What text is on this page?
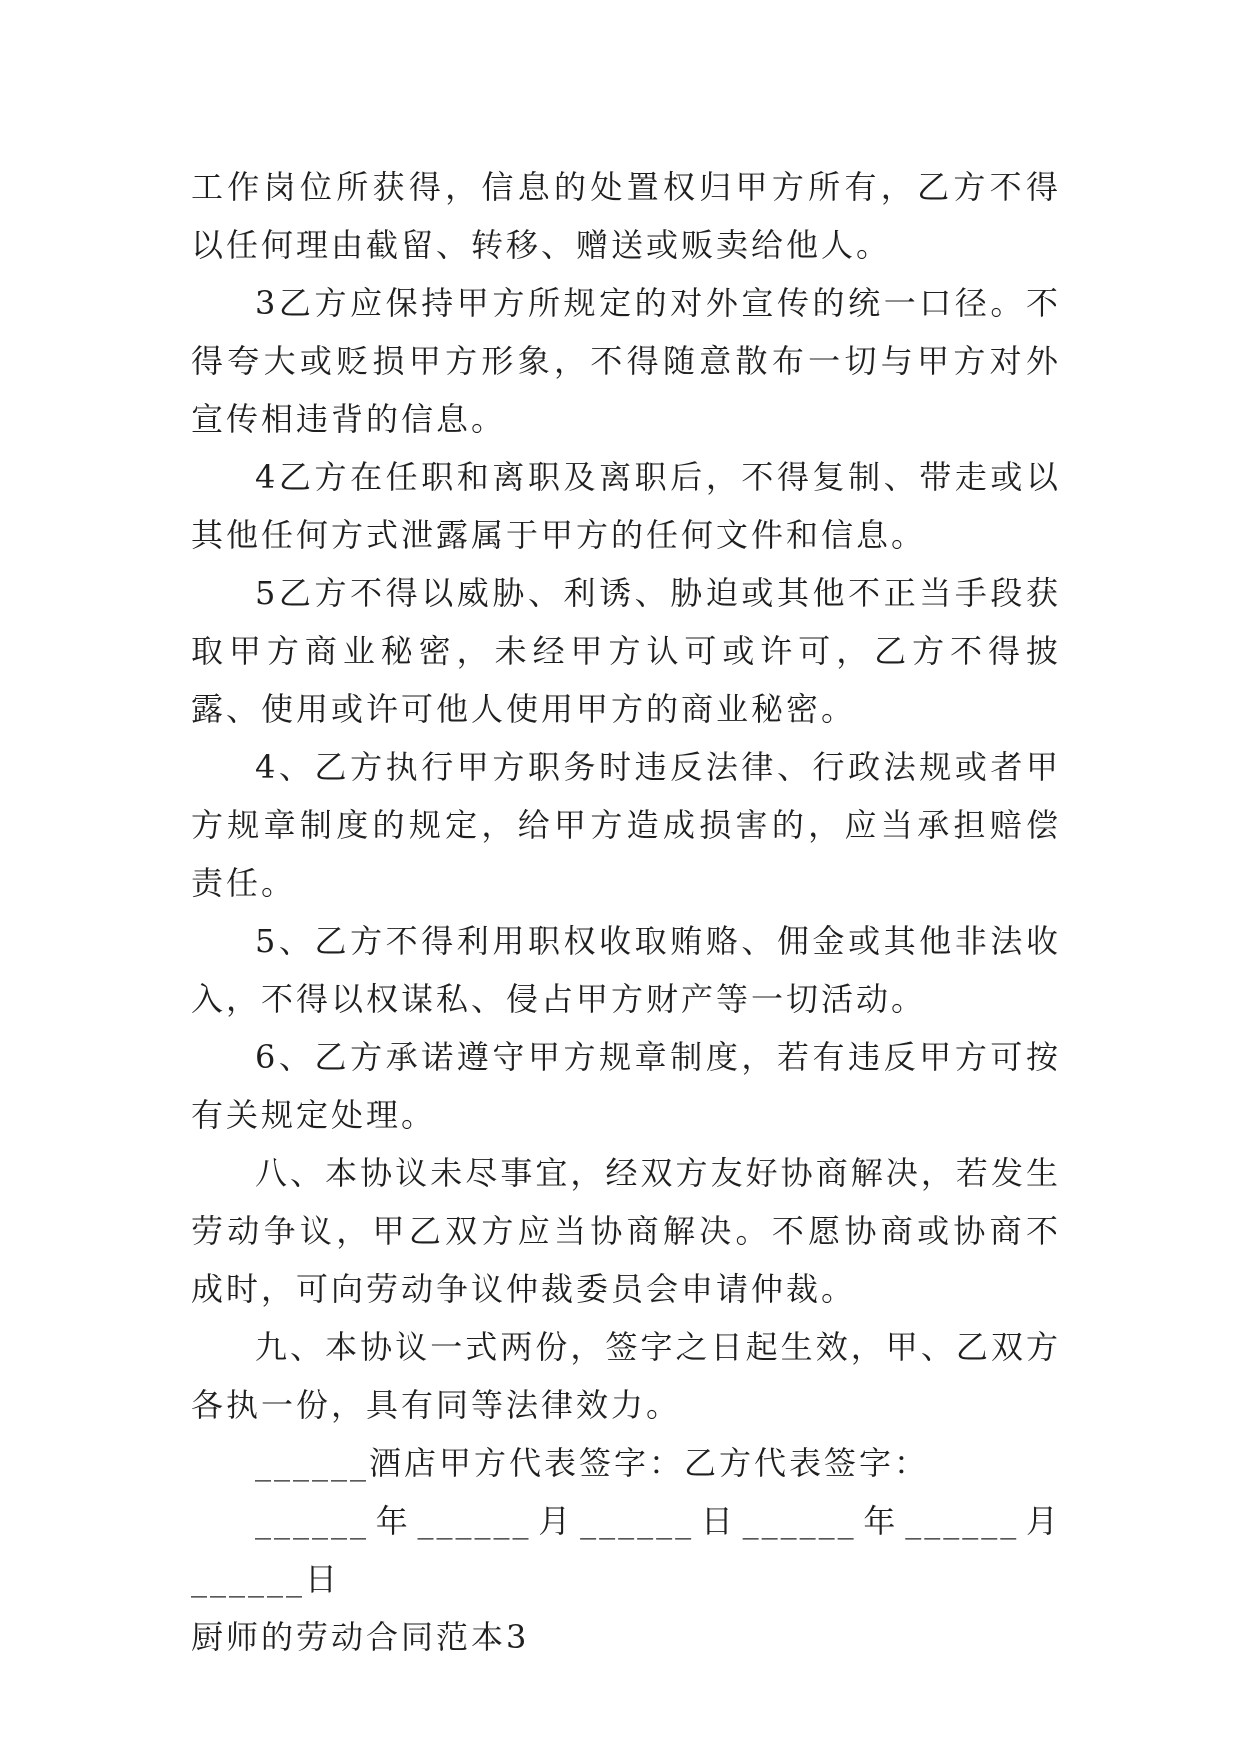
工作岗位所获得，信息的处置权归甲方所有，乙方不得以任何理由截留、转移、赠送或贩卖给他人。

3乙方应保持甲方所规定的对外宣传的统一口径。不得夸大或贬损甲方形象，不得随意散布一切与甲方对外宣传相违背的信息。

4乙方在任职和离职及离职后，不得复制、带走或以其他任何方式泄露属于甲方的任何文件和信息。

5乙方不得以威胁、利诱、胁迫或其他不正当手段获取甲方商业秘密，未经甲方认可或许可，乙方不得披露、使用或许可他人使用甲方的商业秘密。

4、乙方执行甲方职务时违反法律、行政法规或者甲方规章制度的规定，给甲方造成损害的，应当承担赔偿责任。

5、乙方不得利用职权收取贿赂、佣金或其他非法收入，不得以权谋私、侵占甲方财产等一切活动。

6、乙方承诺遵守甲方规章制度，若有违反甲方可按有关规定处理。

八、本协议未尽事宜，经双方友好协商解决，若发生劳动争议，甲乙双方应当协商解决。不愿协商或协商不成时，可向劳动争议仲裁委员会申请仲裁。

九、本协议一式两份，签字之日起生效，甲、乙双方各执一份，具有同等法律效力。

______酒店甲方代表签字：乙方代表签字：

______年______月______日______年______月______日

厨师的劳动合同范本3
